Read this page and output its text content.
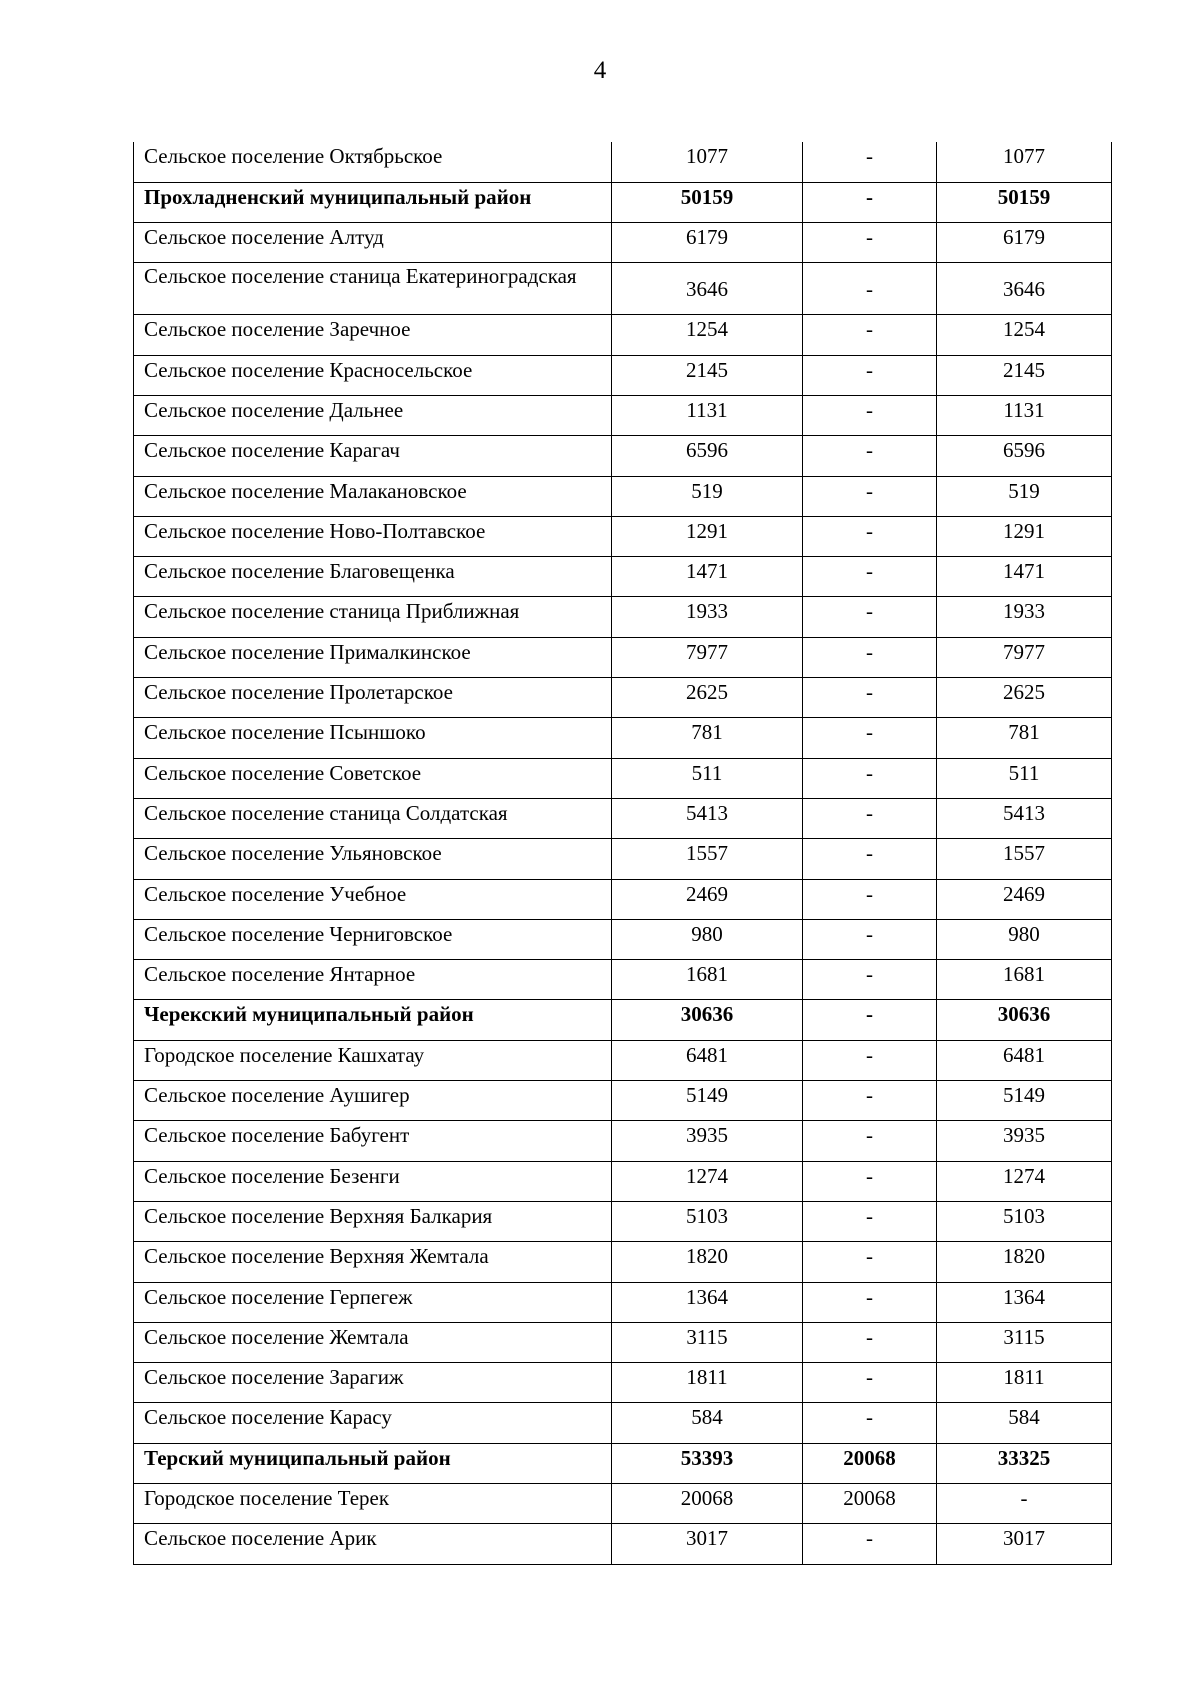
4
Сельское поселение Октябрьское	1077	-	1077
Прохладненский муниципальный район	50159	-	50159
Сельское поселение Алтуд	6179	-	6179
Сельское поселение станица Екатериноградская	3646	-	3646
Сельское поселение Заречное	1254	-	1254
Сельское поселение Красносельское	2145	-	2145
Сельское поселение Дальнее	1131	-	1131
Сельское поселение Карагач	6596	-	6596
Сельское поселение Малакановское	519	-	519
Сельское поселение Ново-Полтавское	1291	-	1291
Сельское поселение Благовещенка	1471	-	1471
Сельское поселение станица Приближная	1933	-	1933
Сельское поселение Прималкинское	7977	-	7977
Сельское поселение Пролетарское	2625	-	2625
Сельское поселение Псыншоко	781	-	781
Сельское поселение Советское	511	-	511
Сельское поселение станица Солдатская	5413	-	5413
Сельское поселение Ульяновское	1557	-	1557
Сельское поселение Учебное	2469	-	2469
Сельское поселение Черниговское	980	-	980
Сельское поселение Янтарное	1681	-	1681
Черекский муниципальный район	30636	-	30636
Городское поселение Кашхатау	6481	-	6481
Сельское поселение Аушигер	5149	-	5149
Сельское поселение Бабугент	3935	-	3935
Сельское поселение Безенги	1274	-	1274
Сельское поселение Верхняя Балкария	5103	-	5103
Сельское поселение Верхняя Жемтала	1820	-	1820
Сельское поселение Герпегеж	1364	-	1364
Сельское поселение Жемтала	3115	-	3115
Сельское поселение Зарагиж	1811	-	1811
Сельское поселение Карасу	584	-	584
Терский муниципальный район	53393	20068	33325
Городское поселение Терек	20068	20068	-
Сельское поселение Арик	3017	-	3017
